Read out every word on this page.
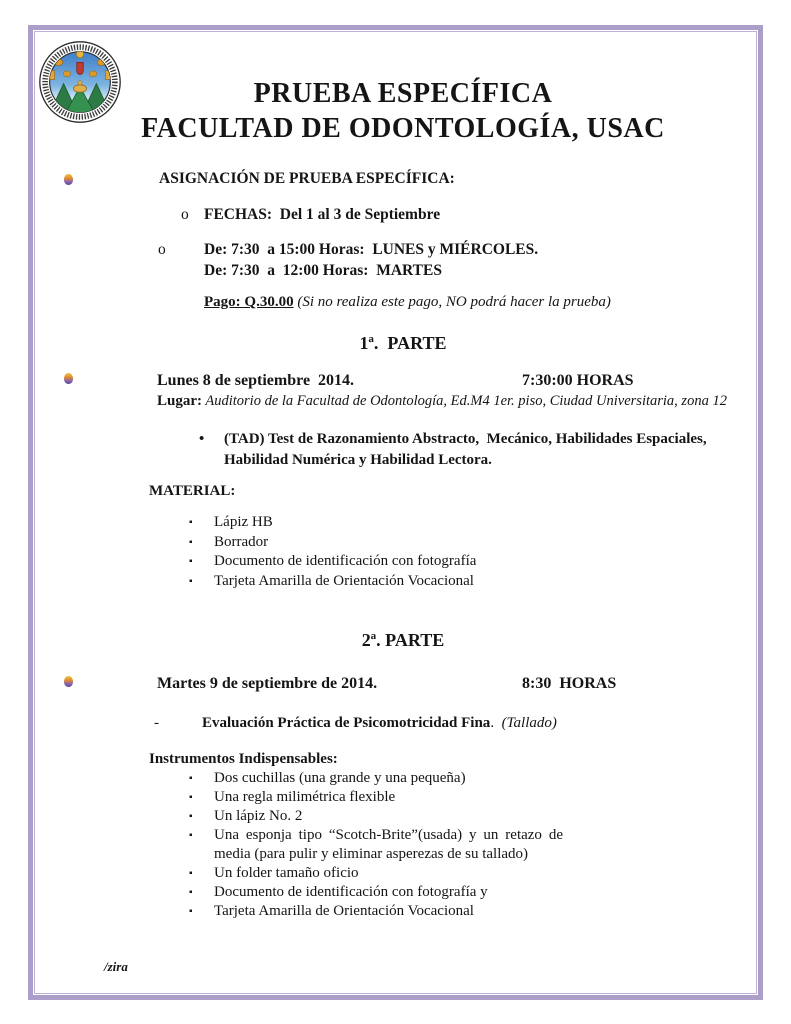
PRUEBA ESPECÍFICA
FACULTAD DE ODONTOLOGÍA, USAC
ASIGNACIÓN DE PRUEBA ESPECÍFICA:
o FECHAS:  Del 1 al 3 de Septiembre
o De: 7:30  a 15:00 Horas:  LUNES y MIÉRCOLES.
De: 7:30  a  12:00 Horas:  MARTES
Pago: Q.30.00 (Si no realiza este pago, NO podrá hacer la prueba)
1ª.  PARTE
Lunes 8 de septiembre  2014.	7:30:00 HORAS
Lugar: Auditorio de la Facultad de Odontología, Ed.M4 1er. piso, Ciudad Universitaria, zona 12
• (TAD) Test de Razonamiento Abstracto,  Mecánico, Habilidades Espaciales, Habilidad Numérica y Habilidad Lectora.
MATERIAL:
▪ Lápiz HB
▪ Borrador
▪ Documento de identificación con fotografía
▪ Tarjeta Amarilla de Orientación Vocacional
2ª. PARTE
Martes 9 de septiembre de 2014.	8:30  HORAS
-	Evaluación Práctica de Psicomotricidad Fina.  (Tallado)
Instrumentos Indispensables:
▪ Dos cuchillas (una grande y una pequeña)
▪ Una regla milimétrica flexible
▪ Un lápiz No. 2
▪ Una esponja tipo “Scotch-Brite”(usada) y un retazo de media (para pulir y eliminar asperezas de su tallado)
▪ Un folder tamaño oficio
▪ Documento de identificación con fotografía y
▪ Tarjeta Amarilla de Orientación Vocacional
/zira
